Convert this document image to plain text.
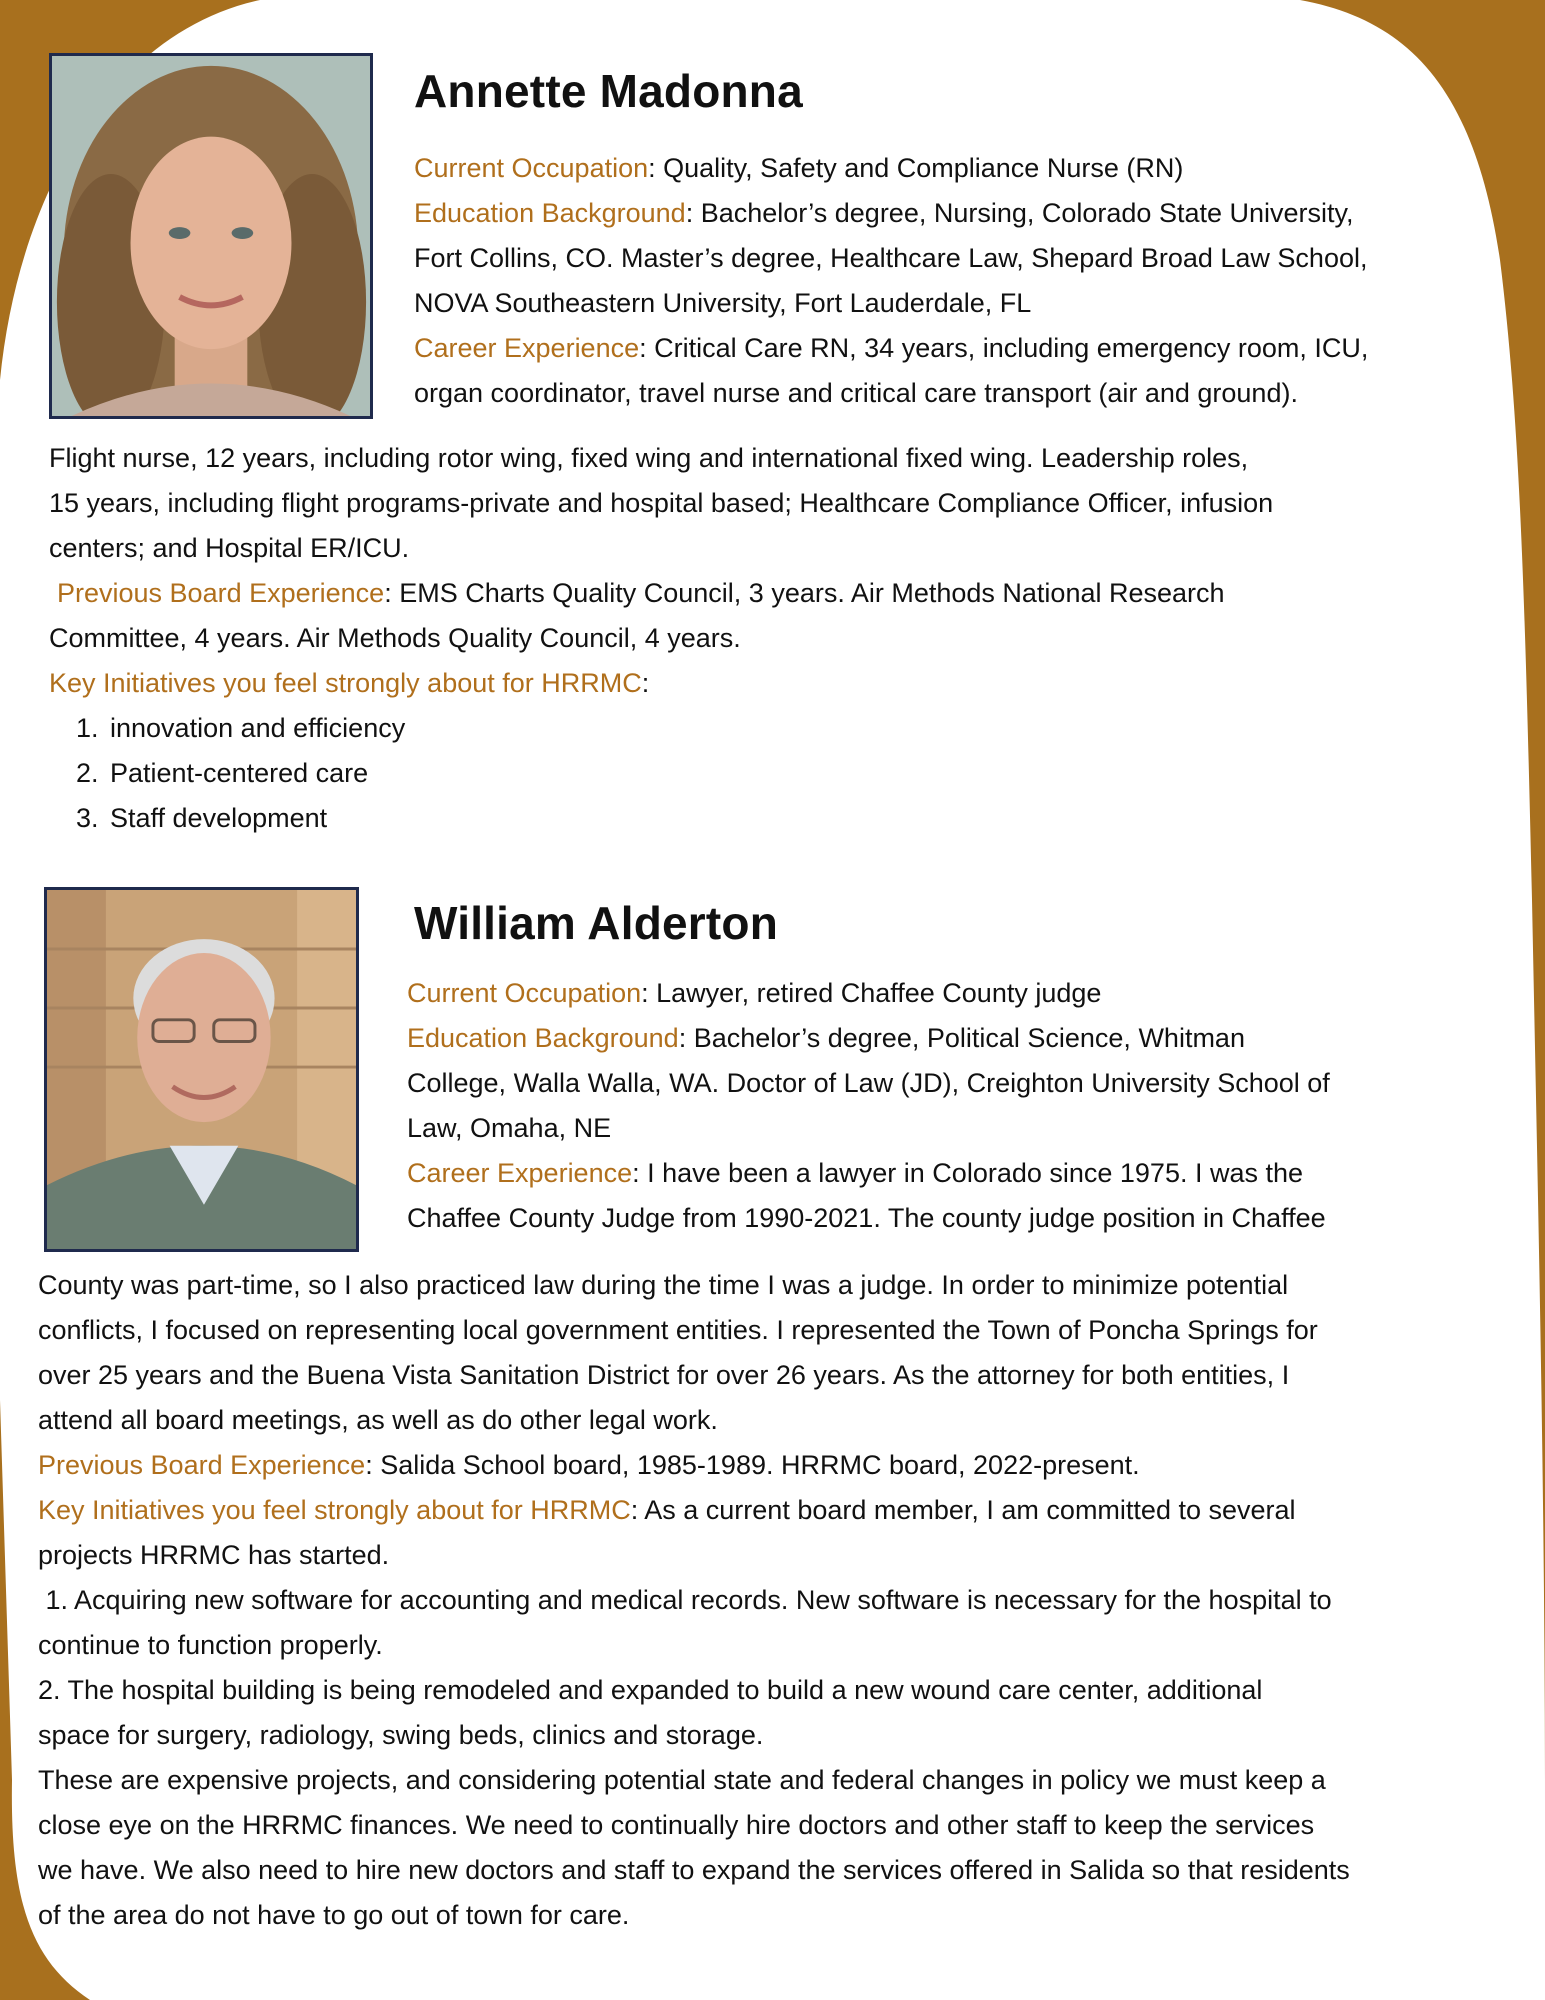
Annette Madonna

Current Occupation: Quality, Safety and Compliance Nurse (RN)
Education Background: Bachelor’s degree, Nursing, Colorado State University,
Fort Collins, CO. Master’s degree, Healthcare Law, Shepard Broad Law School,
NOVA Southeastern University, Fort Lauderdale, FL
Career Experience: Critical Care RN, 34 years, including emergency room, ICU,
organ coordinator, travel nurse and critical care transport (air and ground).

Flight nurse, 12 years, including rotor wing, fixed wing and international fixed wing. Leadership roles,
15 years, including flight programs-private and hospital based; Healthcare Compliance Officer, infusion
centers; and Hospital ER/ICU.
Previous Board Experience: EMS Charts Quality Council, 3 years. Air Methods National Research
Committee, 4 years. Air Methods Quality Council, 4 years.
Key Initiatives you feel strongly about for HRRMC:

1. innovation and efficiency
2. Patient-centered care
3. Staff development
William Alderton

Current Occupation: Lawyer, retired Chaffee County judge
Education Background: Bachelor’s degree, Political Science, Whitman
College, Walla Walla, WA. Doctor of Law (JD), Creighton University School of
Law, Omaha, NE
Career Experience: I have been a lawyer in Colorado since 1975. I was the
Chaffee County Judge from 1990-2021. The county judge position in Chaffee

County was part-time, so I also practiced law during the time I was a judge. In order to minimize potential
conflicts, I focused on representing local government entities. I represented the Town of Poncha Springs for
over 25 years and the Buena Vista Sanitation District for over 26 years. As the attorney for both entities, I
attend all board meetings, as well as do other legal work.
Previous Board Experience: Salida School board, 1985-1989. HRRMC board, 2022-present.
Key Initiatives you feel strongly about for HRRMC: As a current board member, I am committed to several
projects HRRMC has started.
1. Acquiring new software for accounting and medical records. New software is necessary for the hospital to
continue to function properly.
2. The hospital building is being remodeled and expanded to build a new wound care center, additional
space for surgery, radiology, swing beds, clinics and storage.
These are expensive projects, and considering potential state and federal changes in policy we must keep a
close eye on the HRRMC finances. We need to continually hire doctors and other staff to keep the services
we have. We also need to hire new doctors and staff to expand the services offered in Salida so that residents
of the area do not have to go out of town for care.
